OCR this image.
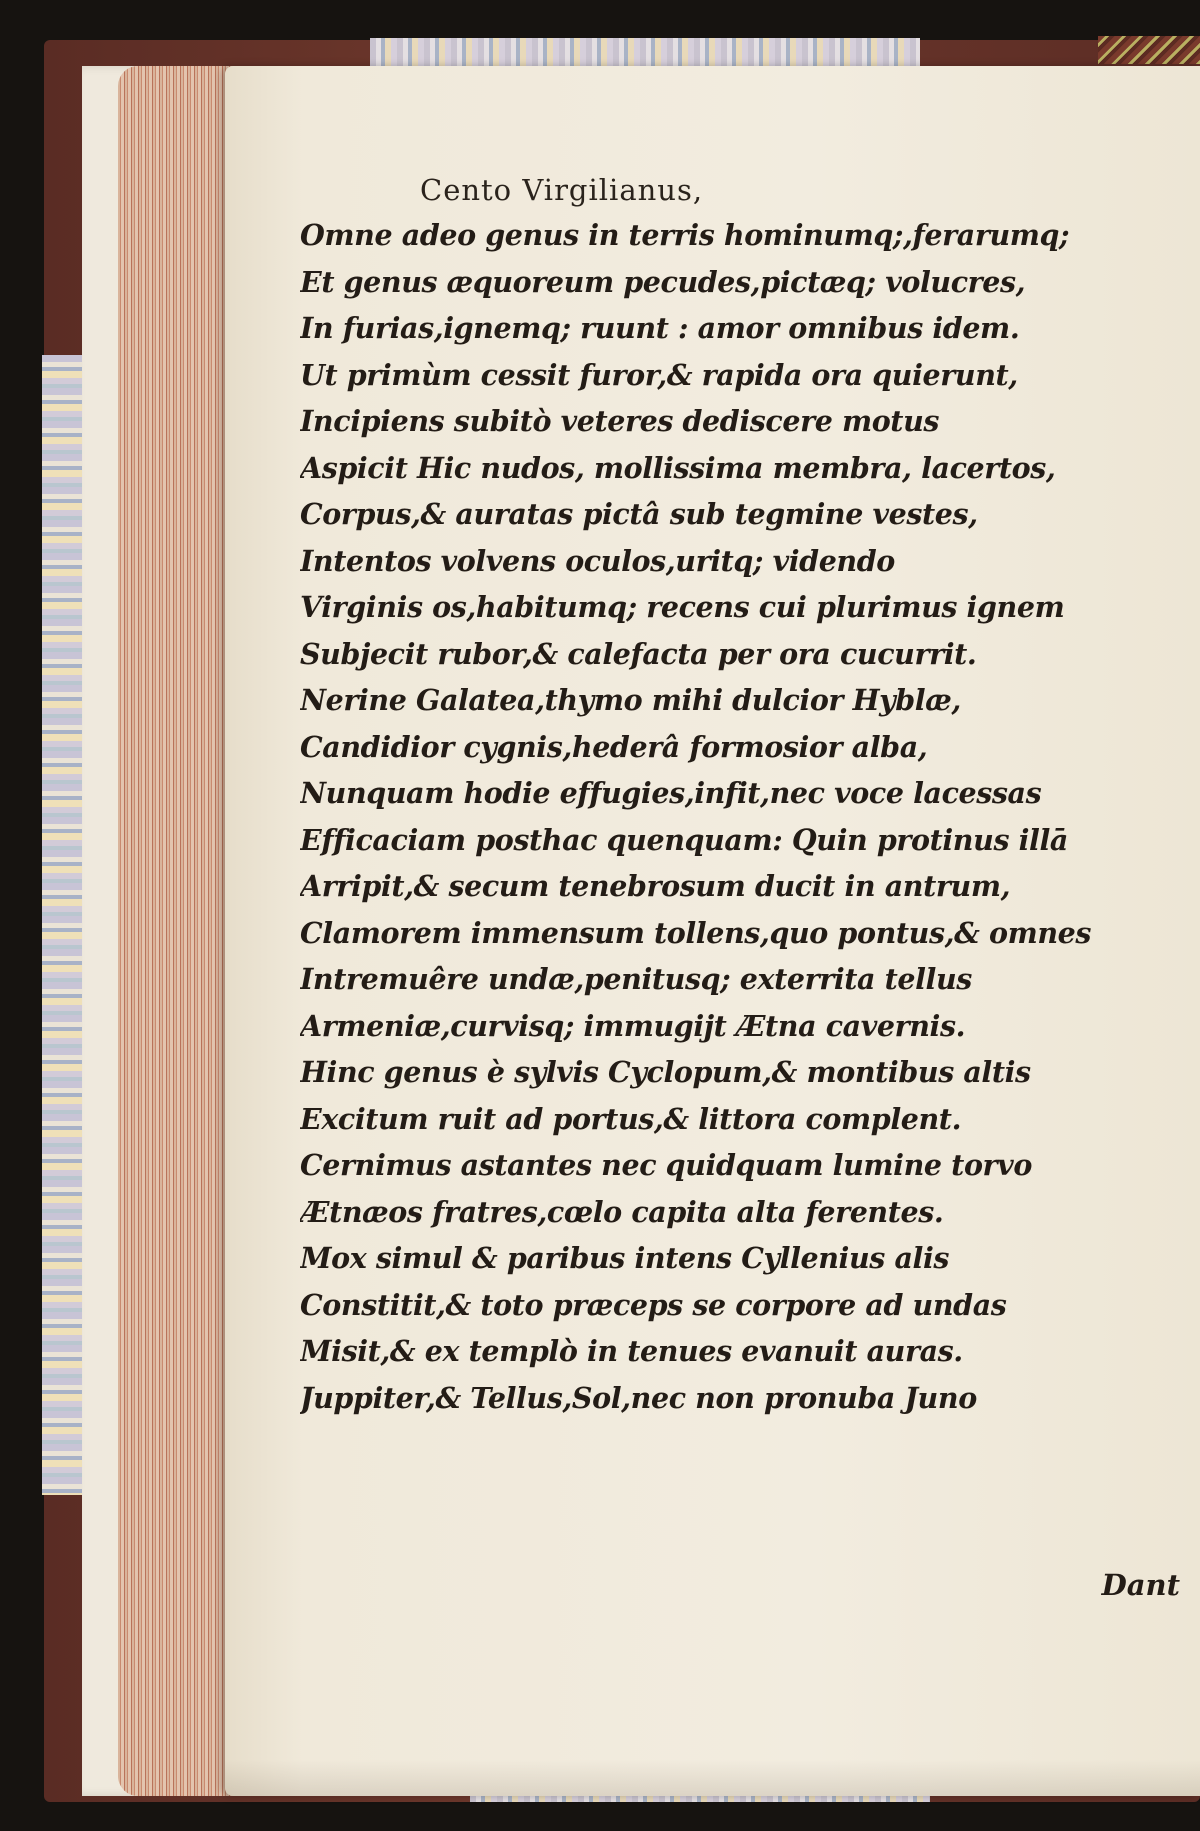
Cento Virgilianus,
Omne adeo genus in terris hominumq;,ferarumq;
Et genus æquoreum pecudes,pictæq; volucres,
In furias,ignemq; ruunt : amor omnibus idem.
Ut primùm cessit furor,& rapida ora quierunt,
Incipiens subitò veteres dediscere motus
Aspicit Hic nudos, mollissima membra, lacertos,
Corpus,& auratas pictâ sub tegmine vestes,
Intentos volvens oculos,uritq; videndo
Virginis os,habitumq; recens cui plurimus ignem
Subjecit rubor,& calefacta per ora cucurrit.
Nerine Galatea,thymo mihi dulcior Hyblæ,
Candidior cygnis,hederâ formosior alba,
Nunquam hodie effugies,infit,nec voce lacessas
Efficaciam posthac quenquam: Quin protinus illā
Arripit,& secum tenebrosum ducit in antrum,
Clamorem immensum tollens,quo pontus,& omnes
Intremuêre undæ,penitusq; exterrita tellus
Armeniæ,curvisq; immugijt Ætna cavernis.
Hinc genus è sylvis Cyclopum,& montibus altis
Excitum ruit ad portus,& littora complent.
Cernimus astantes nec quidquam lumine torvo
Ætnæos fratres,cœlo capita alta ferentes.
Mox simul & paribus intens Cyllenius alis
Constitit,& toto præceps se corpore ad undas
Misit,& ex templò in tenues evanuit auras.
Juppiter,& Tellus,Sol,nec non pronuba Juno

Dant
